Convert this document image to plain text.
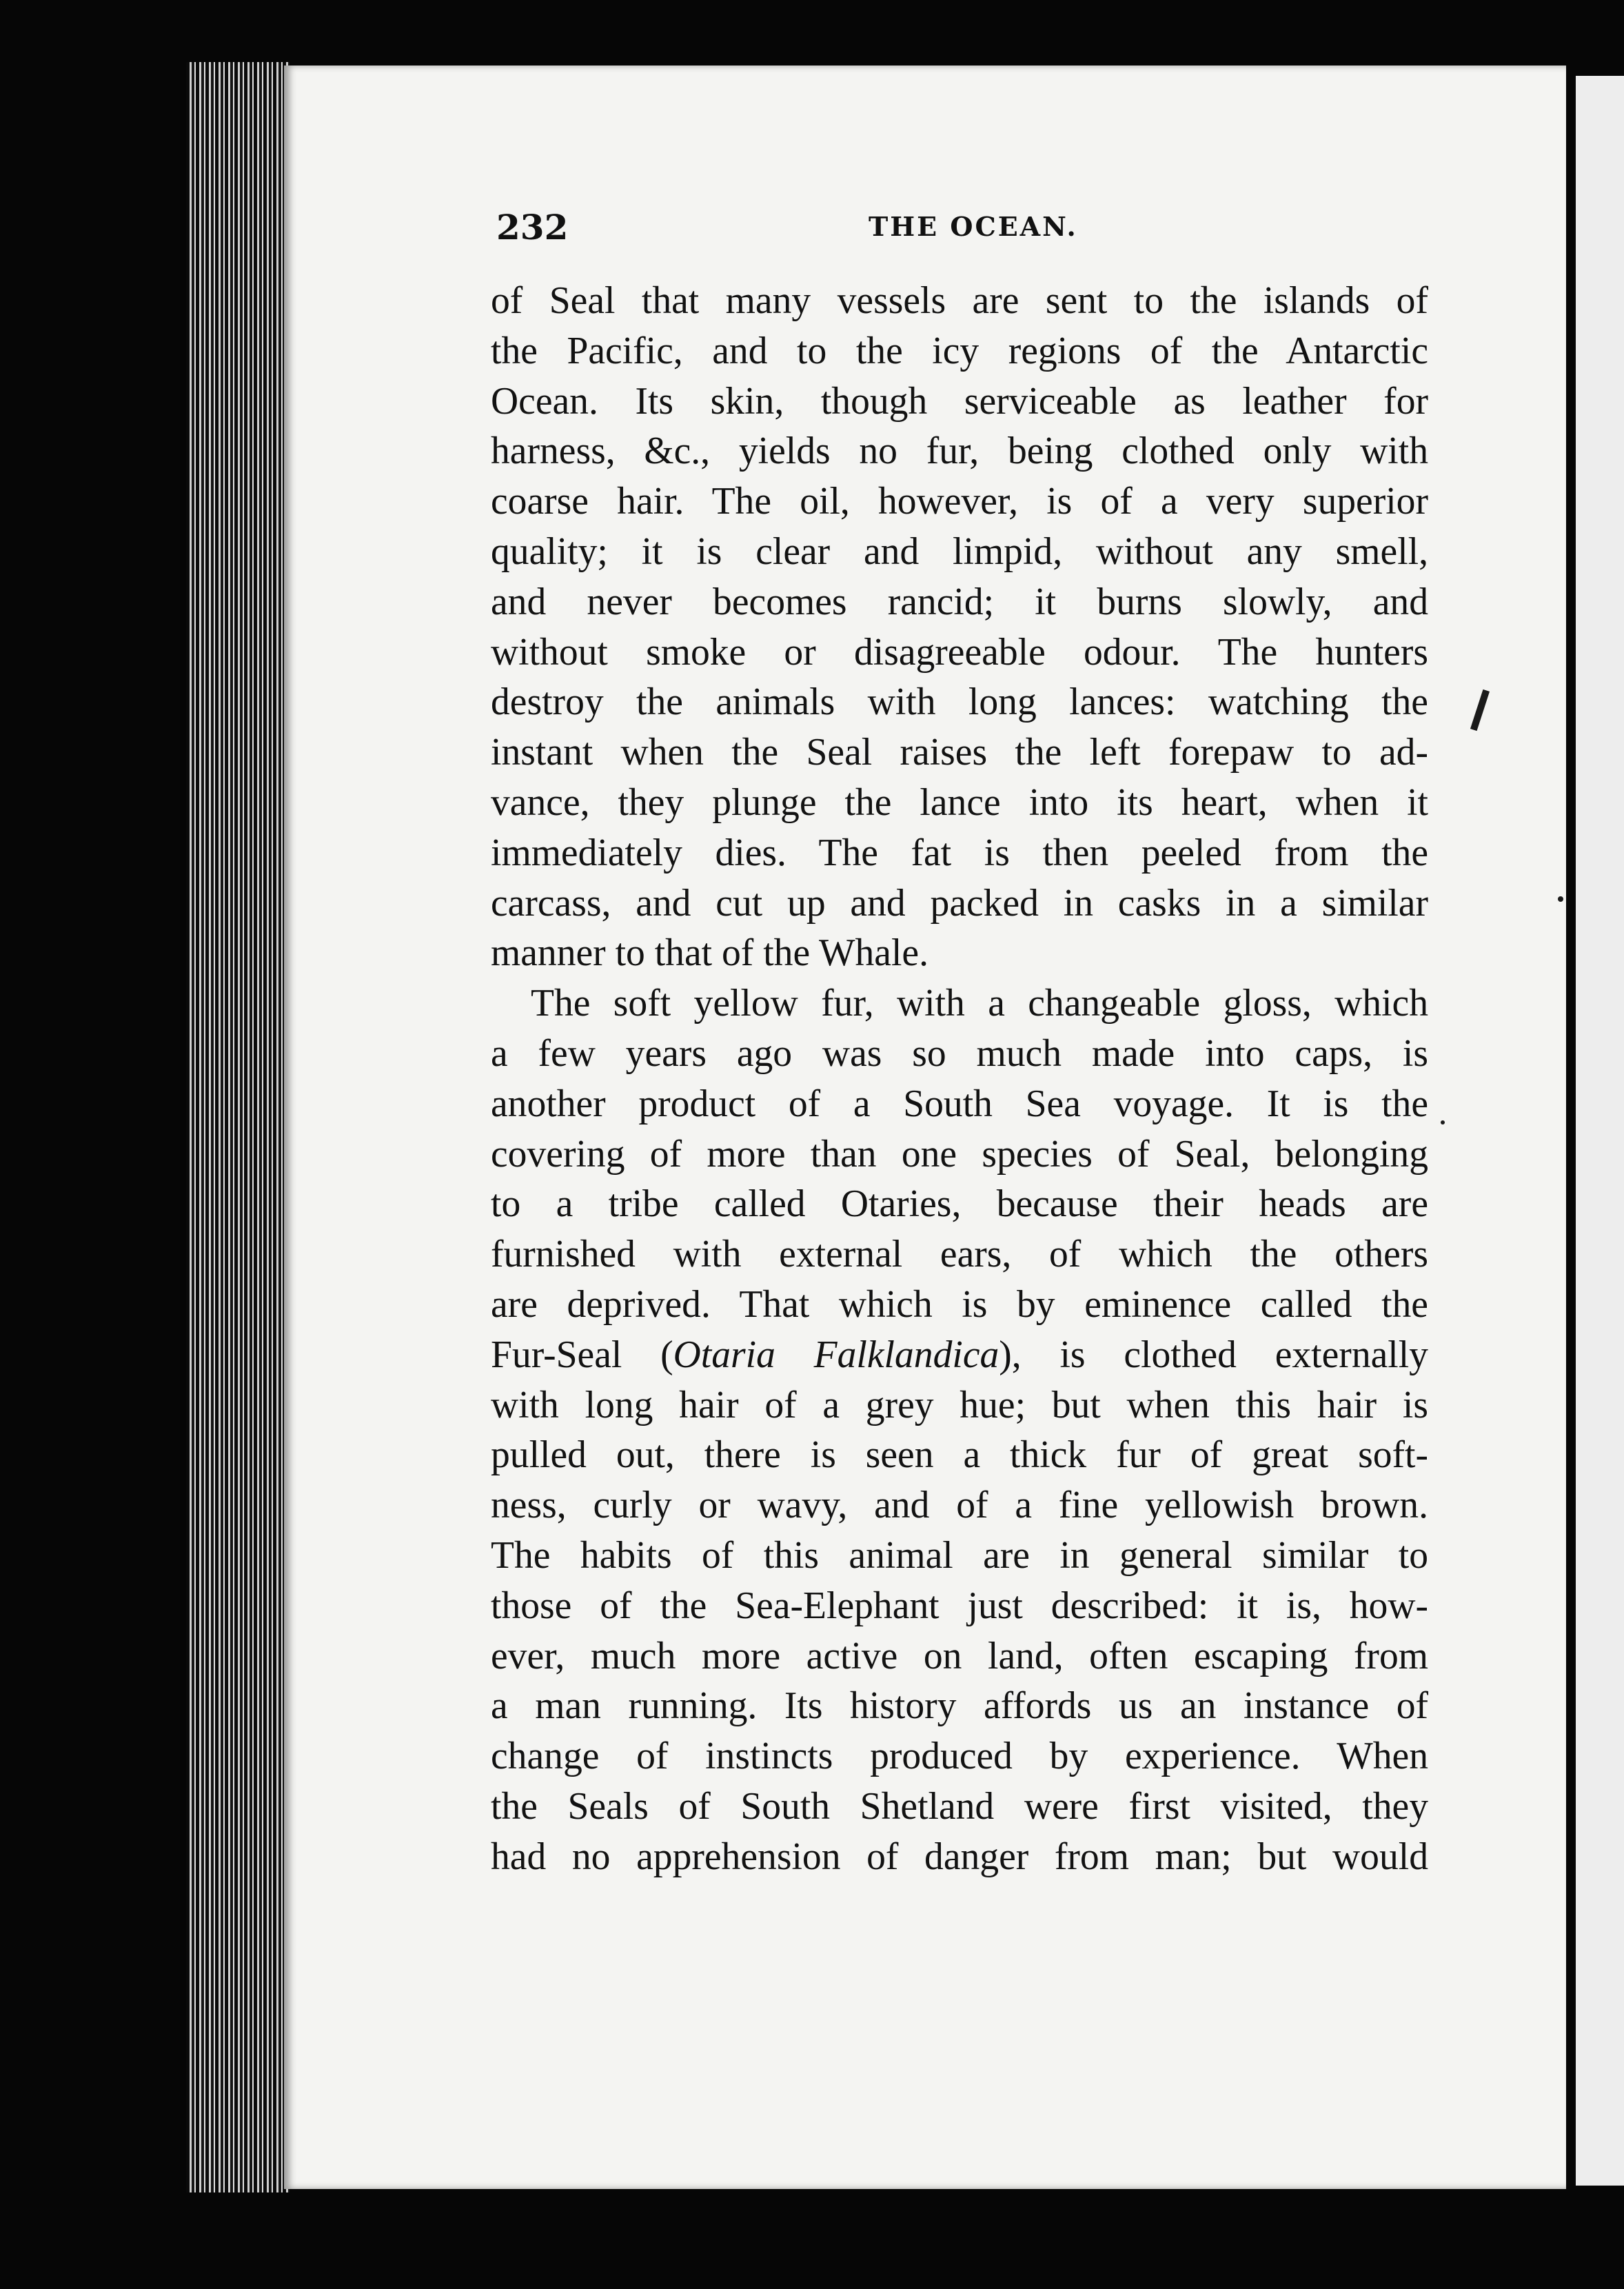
232	THE OCEAN.
of Seal that many vessels are sent to the islands of
the Pacific, and to the icy regions of the Antarctic
Ocean. Its skin, though serviceable as leather for
harness, &c., yields no fur, being clothed only with
coarse hair. The oil, however, is of a very superior
quality; it is clear and limpid, without any smell,
and never becomes rancid; it burns slowly, and
without smoke or disagreeable odour. The hunters
destroy the animals with long lances: watching the
instant when the Seal raises the left forepaw to ad-
vance, they plunge the lance into its heart, when it
immediately dies. The fat is then peeled from the
carcass, and cut up and packed in casks in a similar
manner to that of the Whale.
The soft yellow fur, with a changeable gloss, which
a few years ago was so much made into caps, is
another product of a South Sea voyage. It is the
covering of more than one species of Seal, belonging
to a tribe called Otaries, because their heads are
furnished with external ears, of which the others
are deprived. That which is by eminence called the
Fur-Seal (Otaria Falklandica), is clothed externally
with long hair of a grey hue; but when this hair is
pulled out, there is seen a thick fur of great soft-
ness, curly or wavy, and of a fine yellowish brown.
The habits of this animal are in general similar to
those of the Sea-Elephant just described: it is, how-
ever, much more active on land, often escaping from
a man running. Its history affords us an instance of
change of instincts produced by experience. When
the Seals of South Shetland were first visited, they
had no apprehension of danger from man; but would
